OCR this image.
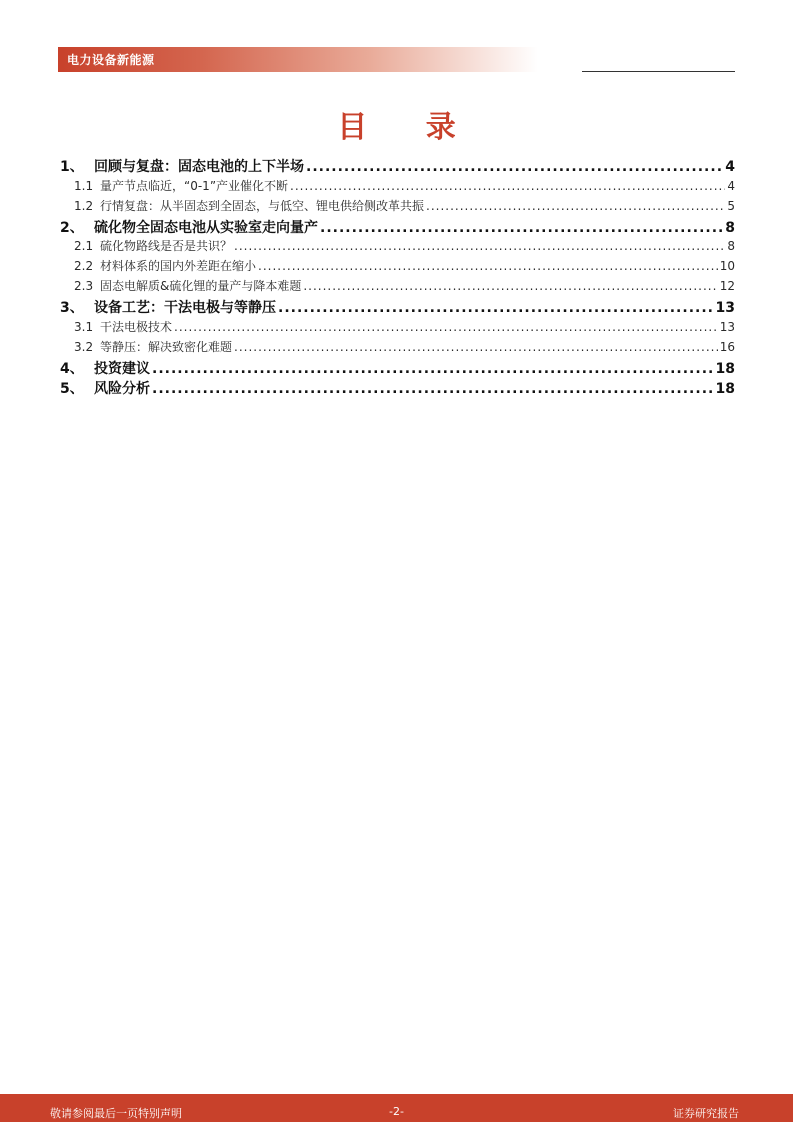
电力设备新能源
目 录
1、 回顾与复盘：固态电池的上下半场 .....	4
1.1 量产节点临近，“0-1”产业催化不断 .....	4
1.2 行情复盘：从半固态到全固态，与低空、锂电供给侧改革共振 .....	5
2、 硫化物全固态电池从实验室走向量产 .....	8
2.1 硫化物路线是否是共识？ .....	8
2.2 材料体系的国内外差距在缩小 .....	10
2.3 固态电解质&硫化锂的量产与降本难题 .....	12
3、 设备工艺：干法电极与等静压 .....	13
3.1 干法电极技术 .....	13
3.2 等静压：解决致密化难题 .....	16
4、 投资建议 .....	18
5、 风险分析 .....	18
敬请参阅最后一页特别声明	-2-	证券研究报告
